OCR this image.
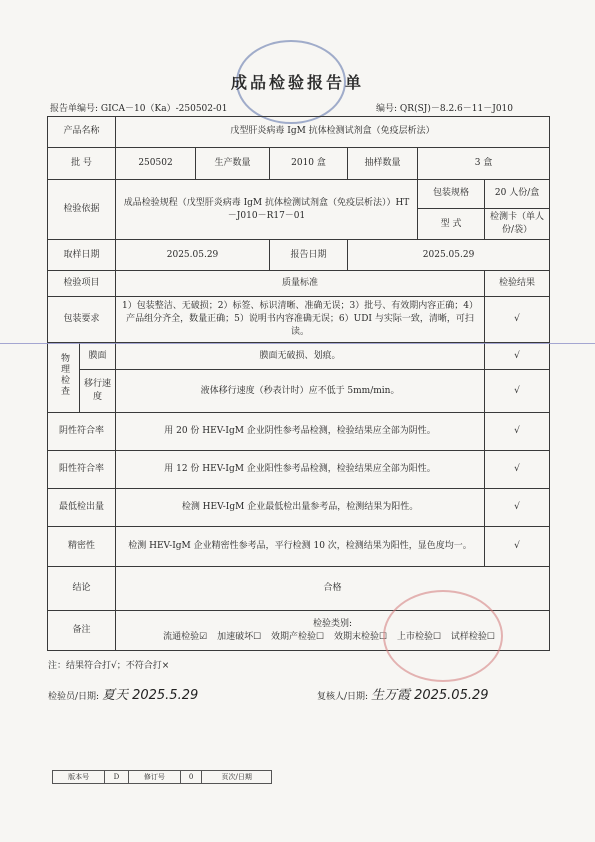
成品检验报告单
报告单编号: GICA－10（Ka）-250502-01	编号: QR(SJ)－8.2.6－11－J010
产品名称		戊型肝炎病毒 IgM 抗体检测试剂盒（免疫层析法）					
批 号		250502	生产数量	2010 盒	抽样数量	3 盒	
检验依据		成品检验规程（戊型肝炎病毒 IgM 抗体检测试剂盒（免疫层析法））HT－J010－R17－01				包装规格	20 人份/盒
						型 式	检测卡（单人份/袋）
取样日期		2025.05.29		报告日期	2025.05.29		
检验项目		质量标准					检验结果
包装要求		1）包装整洁、无破损；2）标签、标识清晰、准确无误；3）批号、有效期内容正确；4）产品组分齐全，数量正确；5）说明书内容准确无误；6）UDI 与实际一致，清晰，可扫读。					√
物理检查	膜面	膜面无破损、划痕。					√
	移行速度	液体移行速度（秒表计时）应不低于 5mm/min。					√
阴性符合率		用 20 份 HEV-IgM 企业阴性参考品检测，检验结果应全部为阴性。					√
阳性符合率		用 12 份 HEV-IgM 企业阳性参考品检测，检验结果应全部为阳性。					√
最低检出量		检测 HEV-IgM 企业最低检出量参考品，检测结果为阳性。					√
精密性		检测 HEV-IgM 企业精密性参考品，平行检测 10 次，检测结果为阳性，显色度均一。					√
结论		合格					
备注		检验类别:
流通检验☑ 加速破坏☐ 效期产检验☐ 效期末检验☐ 上市检验☐ 试样检验☐					
注：结果符合打√；不符合打×
检验员/日期: 夏天 2025.5.29	复核人/日期: 生万霞 2025.05.29
版本号	D	修订号	0	页次/日期
